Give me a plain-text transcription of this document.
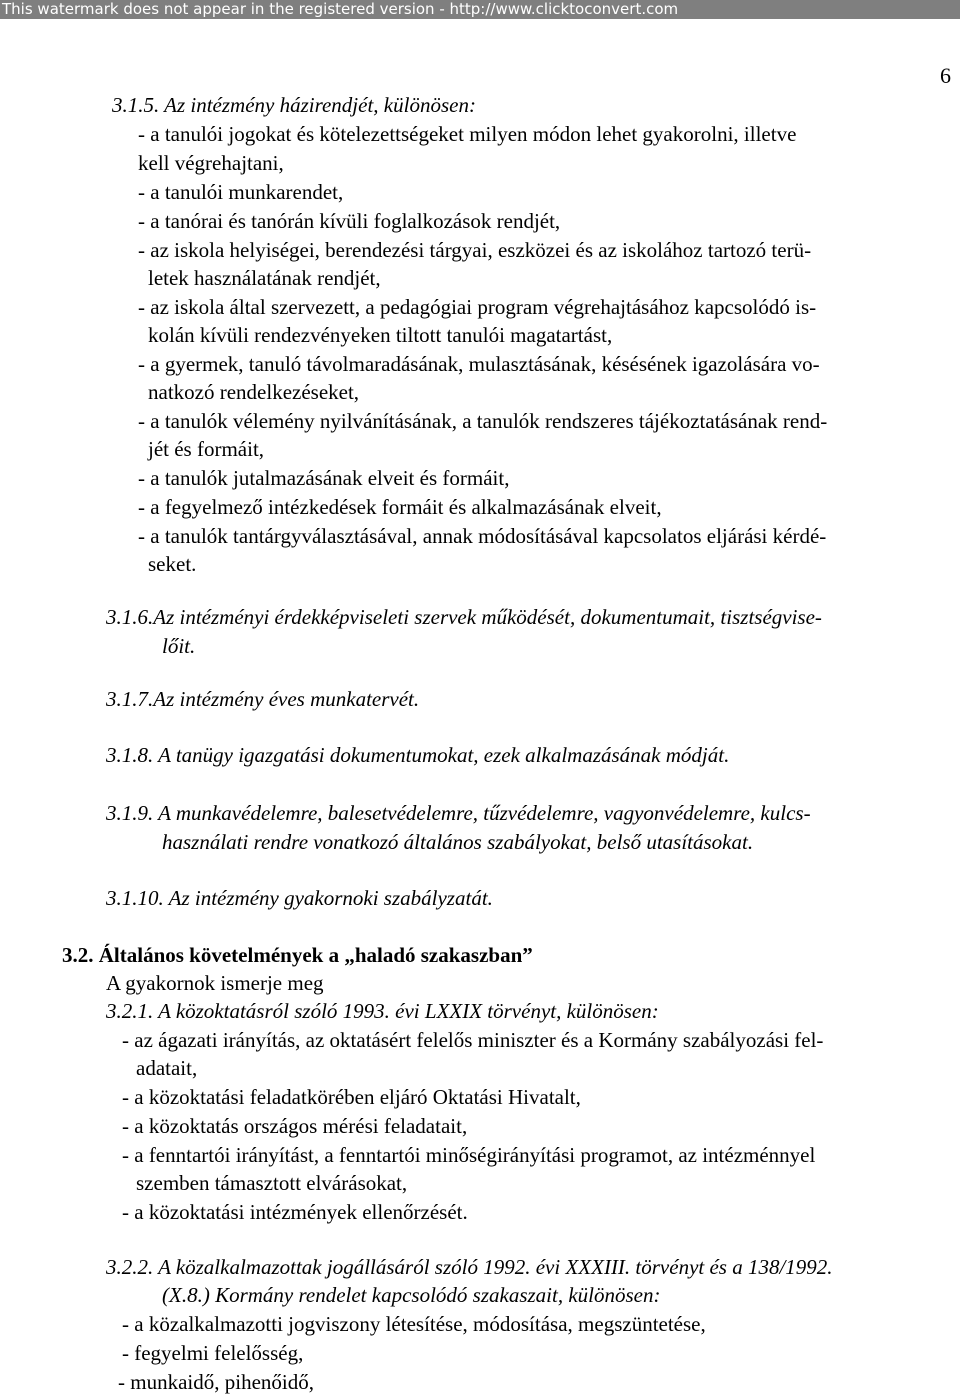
This watermark does not appear in the registered version - http://www.clicktoconvert.com
6
3.1.5. Az intézmény házirendjét, különösen:
- a tanulói jogokat és kötelezettségeket milyen módon lehet gyakorolni, illetve
kell végrehajtani,
- a tanulói munkarendet,
- a tanórai és tanórán kívüli foglalkozások rendjét,
- az iskola helyiségei, berendezési tárgyai, eszközei és az iskolához tartozó terü-
letek használatának rendjét,
- az iskola által szervezett, a pedagógiai program végrehajtásához kapcsolódó is-
kolán kívüli rendezvényeken tiltott tanulói magatartást,
- a gyermek, tanuló távolmaradásának, mulasztásának, késésének igazolására vo-
natkozó rendelkezéseket,
- a tanulók vélemény nyilvánításának, a tanulók rendszeres tájékoztatásának rend-
jét és formáit,
- a tanulók jutalmazásának elveit és formáit,
- a fegyelmező intézkedések formáit és alkalmazásának elveit,
- a tanulók tantárgyválasztásával, annak módosításával kapcsolatos eljárási kérdé-
seket.
3.1.6.Az intézményi érdekképviseleti szervek működését, dokumentumait, tisztségvise-
lőit.
3.1.7.Az intézmény éves munkatervét.
3.1.8. A tanügy igazgatási dokumentumokat, ezek alkalmazásának módját.
3.1.9. A munkavédelemre, balesetvédelemre, tűzvédelemre, vagyonvédelemre, kulcs-
használati rendre vonatkozó általános szabályokat, belső utasításokat.
3.1.10. Az intézmény gyakornoki szabályzatát.
3.2. Általános követelmények a „haladó szakaszban”
A gyakornok ismerje meg
3.2.1. A közoktatásról szóló 1993. évi LXXIX törvényt, különösen:
- az ágazati irányítás, az oktatásért felelős miniszter és a Kormány szabályozási fel-
adatait,
- a közoktatási feladatkörében eljáró Oktatási Hivatalt,
- a közoktatás országos mérési feladatait,
- a fenntartói irányítást, a fenntartói minőségirányítási programot, az intézménnyel
szemben támasztott elvárásokat,
- a közoktatási intézmények ellenőrzését.
3.2.2. A közalkalmazottak jogállásáról szóló 1992. évi XXXIII. törvényt és a 138/1992.
(X.8.) Kormány rendelet kapcsolódó szakaszait, különösen:
- a közalkalmazotti jogviszony létesítése, módosítása, megszüntetése,
- fegyelmi felelősség,
- munkaidő, pihenőidő,
